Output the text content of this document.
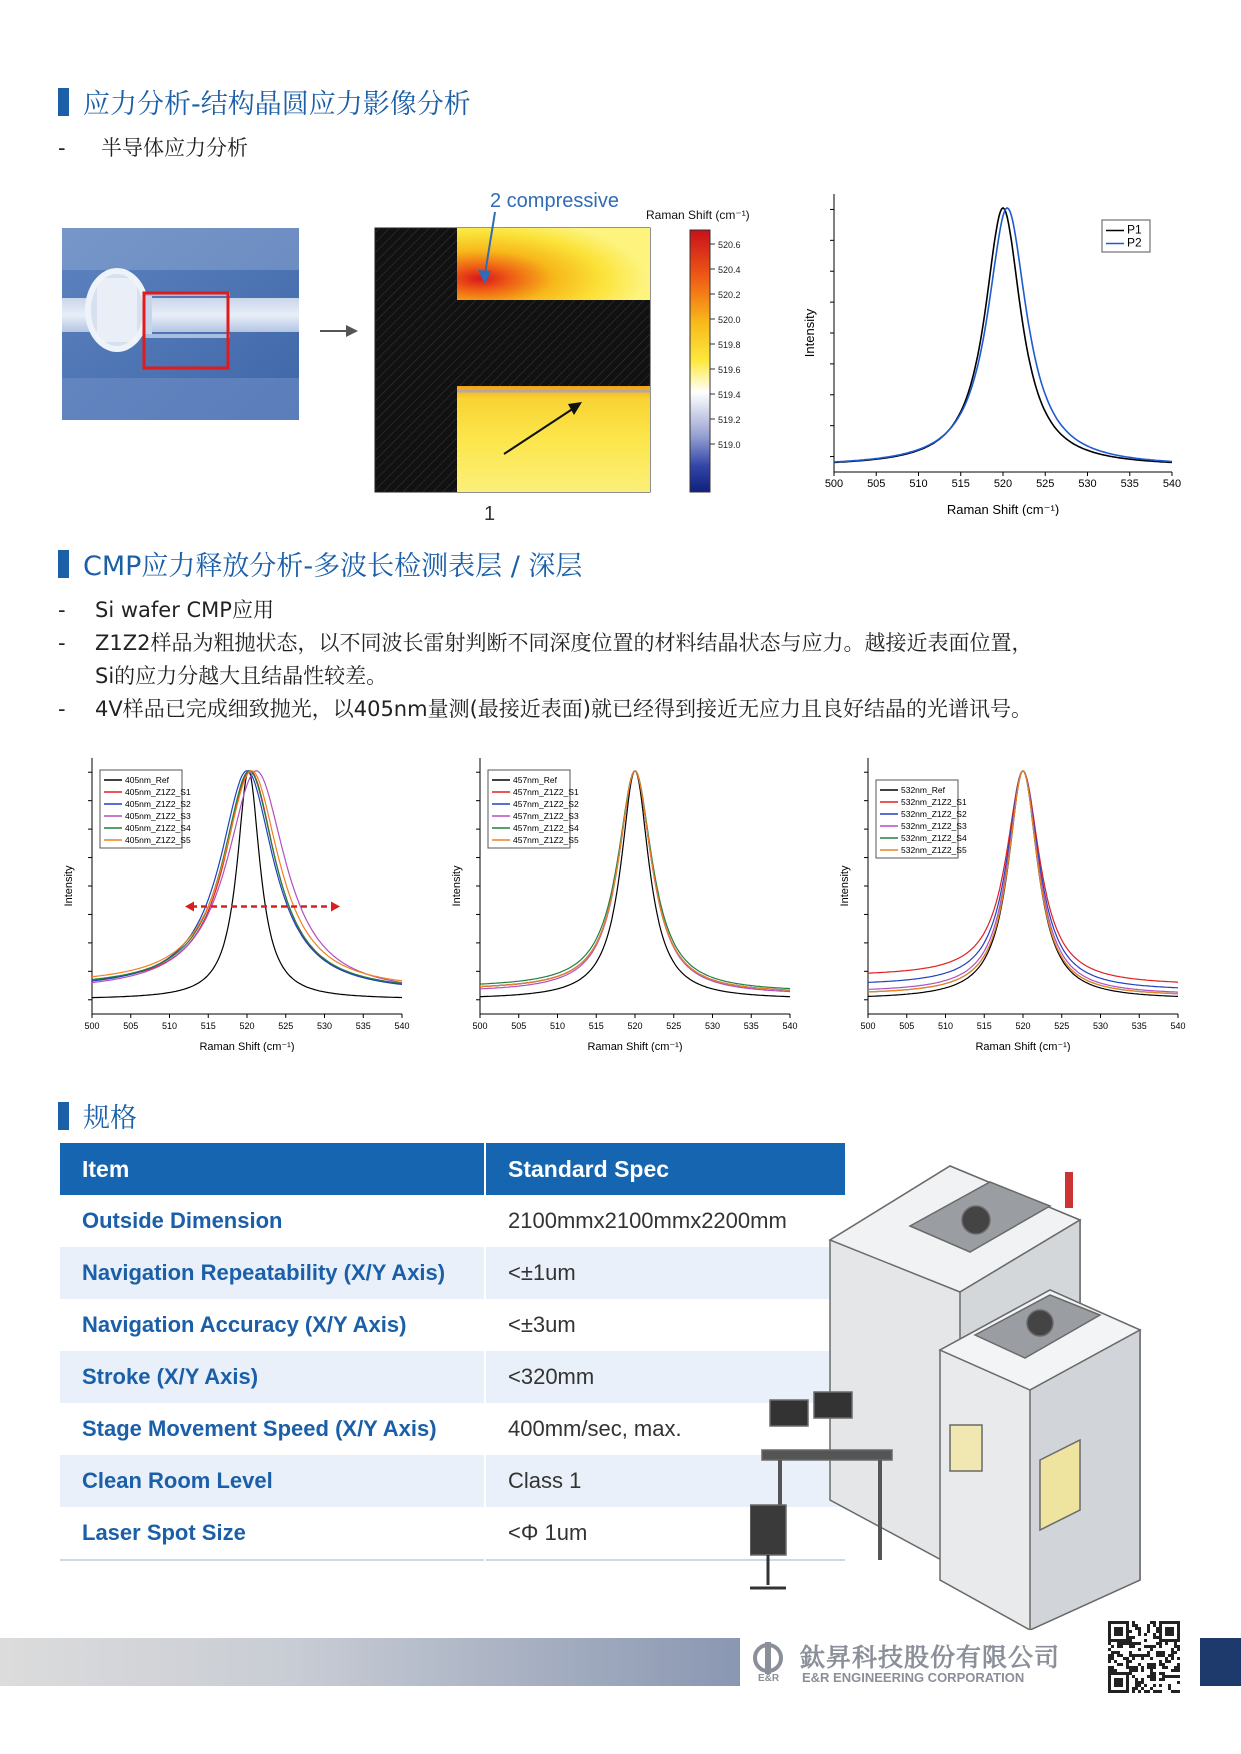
应力分析-结构晶圆应力影像分析
-	半导体应力分析
2 compressive
1
Raman Shift (cm⁻¹)
520.6
520.4
520.2
520.0
519.8
519.6
519.4
519.2
519.0
500 505 510 515 520 525 530 535 540
Raman Shift (cm⁻¹)
Intensity
P1
P2
CMP应力释放分析-多波长检测表层 / 深层
-	Si wafer CMP应用
-	Z1Z2样品为粗抛状态，以不同波长雷射判断不同深度位置的材料结晶状态与应力。越接近表面位置，
Si的应力分越大且结晶性较差。
-	4V样品已完成细致抛光，以405nm量测(最接近表面)就已经得到接近无应力且良好结晶的光谱讯号。
500	505	510	515	520	525	530	535	540
Raman Shift (cm⁻¹)
Intensity
405nm_Ref
405nm_Z1Z2_S1
405nm_Z1Z2_S2
405nm_Z1Z2_S3
405nm_Z1Z2_S4
405nm_Z1Z2_S5
500	505	510	515	520	525	530	535	540
Raman Shift (cm⁻¹)
Intensity
457nm_Ref
457nm_Z1Z2_S1
457nm_Z1Z2_S2
457nm_Z1Z2_S3
457nm_Z1Z2_S4
457nm_Z1Z2_S5
500	505	510	515	520	525	530	535	540
Raman Shift (cm⁻¹)
Intensity
532nm_Ref
532nm_Z1Z2_S1
532nm_Z1Z2_S2
532nm_Z1Z2_S3
532nm_Z1Z2_S4
532nm_Z1Z2_S5
规格
Item	Standard Spec
Outside Dimension	2100mmx2100mmx2200mm
Navigation Repeatability (X/Y Axis)	<±1um
Navigation Accuracy (X/Y Axis)	<±3um
Stroke (X/Y Axis)	<320mm
Stage Movement Speed (X/Y Axis)	400mm/sec, max.
Clean Room Level	Class 1
Laser Spot Size	<Φ 1um
E&R
鈦昇科技股份有限公司
E&R ENGINEERING CORPORATION
